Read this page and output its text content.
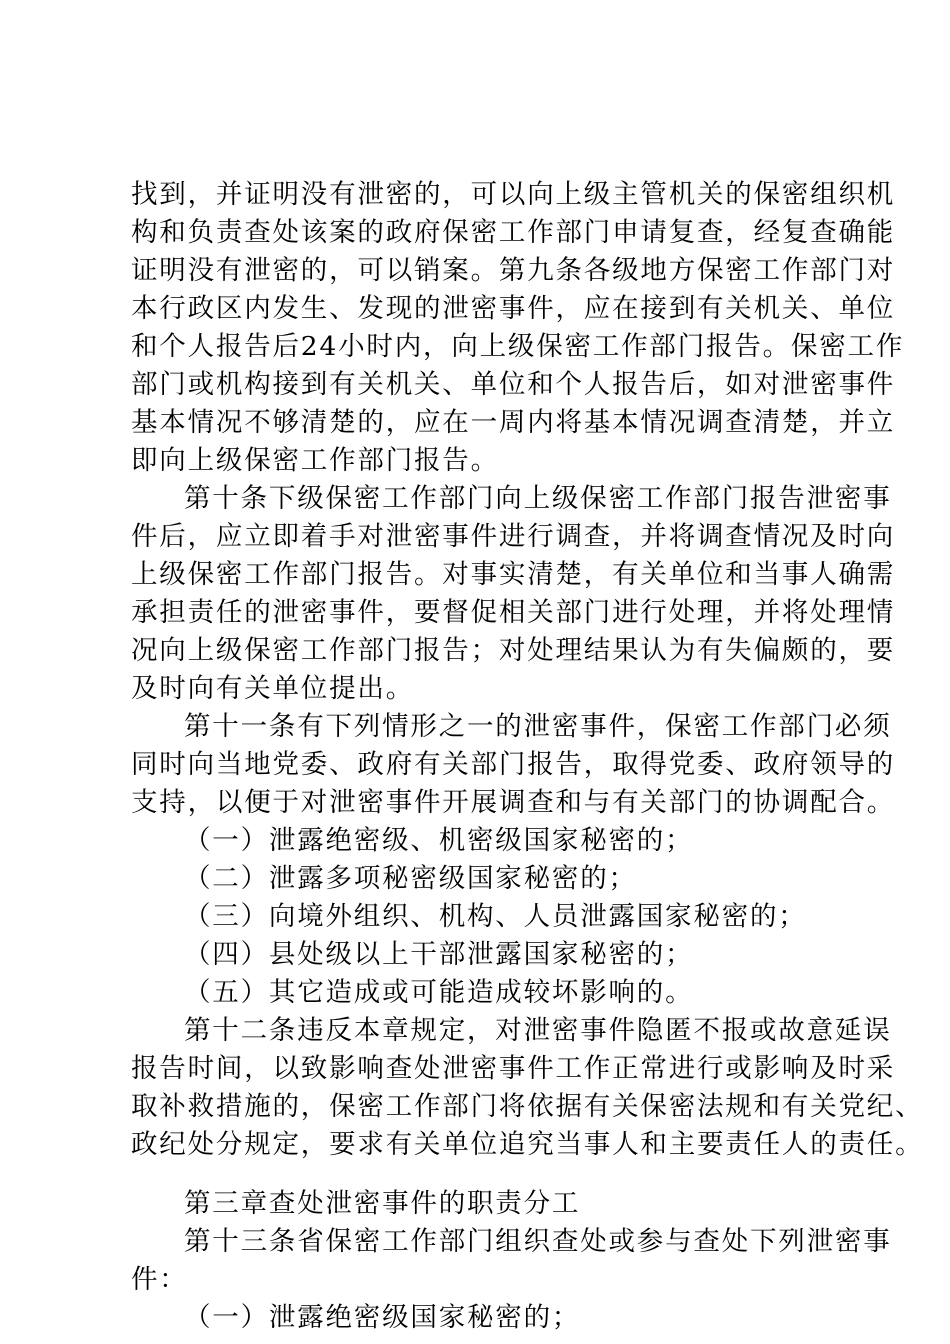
找到，并证明没有泄密的，可以向上级主管机关的保密组织机
构和负责查处该案的政府保密工作部门申请复查，经复查确能
证明没有泄密的，可以销案。第九条各级地方保密工作部门对
本行政区内发生、发现的泄密事件，应在接到有关机关、单位
和个人报告后24小时内，向上级保密工作部门报告。保密工作
部门或机构接到有关机关、单位和个人报告后，如对泄密事件
基本情况不够清楚的，应在一周内将基本情况调查清楚，并立
即向上级保密工作部门报告。
第十条下级保密工作部门向上级保密工作部门报告泄密事
件后，应立即着手对泄密事件进行调查，并将调查情况及时向
上级保密工作部门报告。对事实清楚，有关单位和当事人确需
承担责任的泄密事件，要督促相关部门进行处理，并将处理情
况向上级保密工作部门报告；对处理结果认为有失偏颇的，要
及时向有关单位提出。
第十一条有下列情形之一的泄密事件，保密工作部门必须
同时向当地党委、政府有关部门报告，取得党委、政府领导的
支持，以便于对泄密事件开展调查和与有关部门的协调配合。
（一）泄露绝密级、机密级国家秘密的；
（二）泄露多项秘密级国家秘密的；
（三）向境外组织、机构、人员泄露国家秘密的；
（四）县处级以上干部泄露国家秘密的；
（五）其它造成或可能造成较坏影响的。
第十二条违反本章规定，对泄密事件隐匿不报或故意延误
报告时间，以致影响查处泄密事件工作正常进行或影响及时采
取补救措施的，保密工作部门将依据有关保密法规和有关党纪、
政纪处分规定，要求有关单位追究当事人和主要责任人的责任。
第三章查处泄密事件的职责分工
第十三条省保密工作部门组织查处或参与查处下列泄密事
件：
（一）泄露绝密级国家秘密的；
